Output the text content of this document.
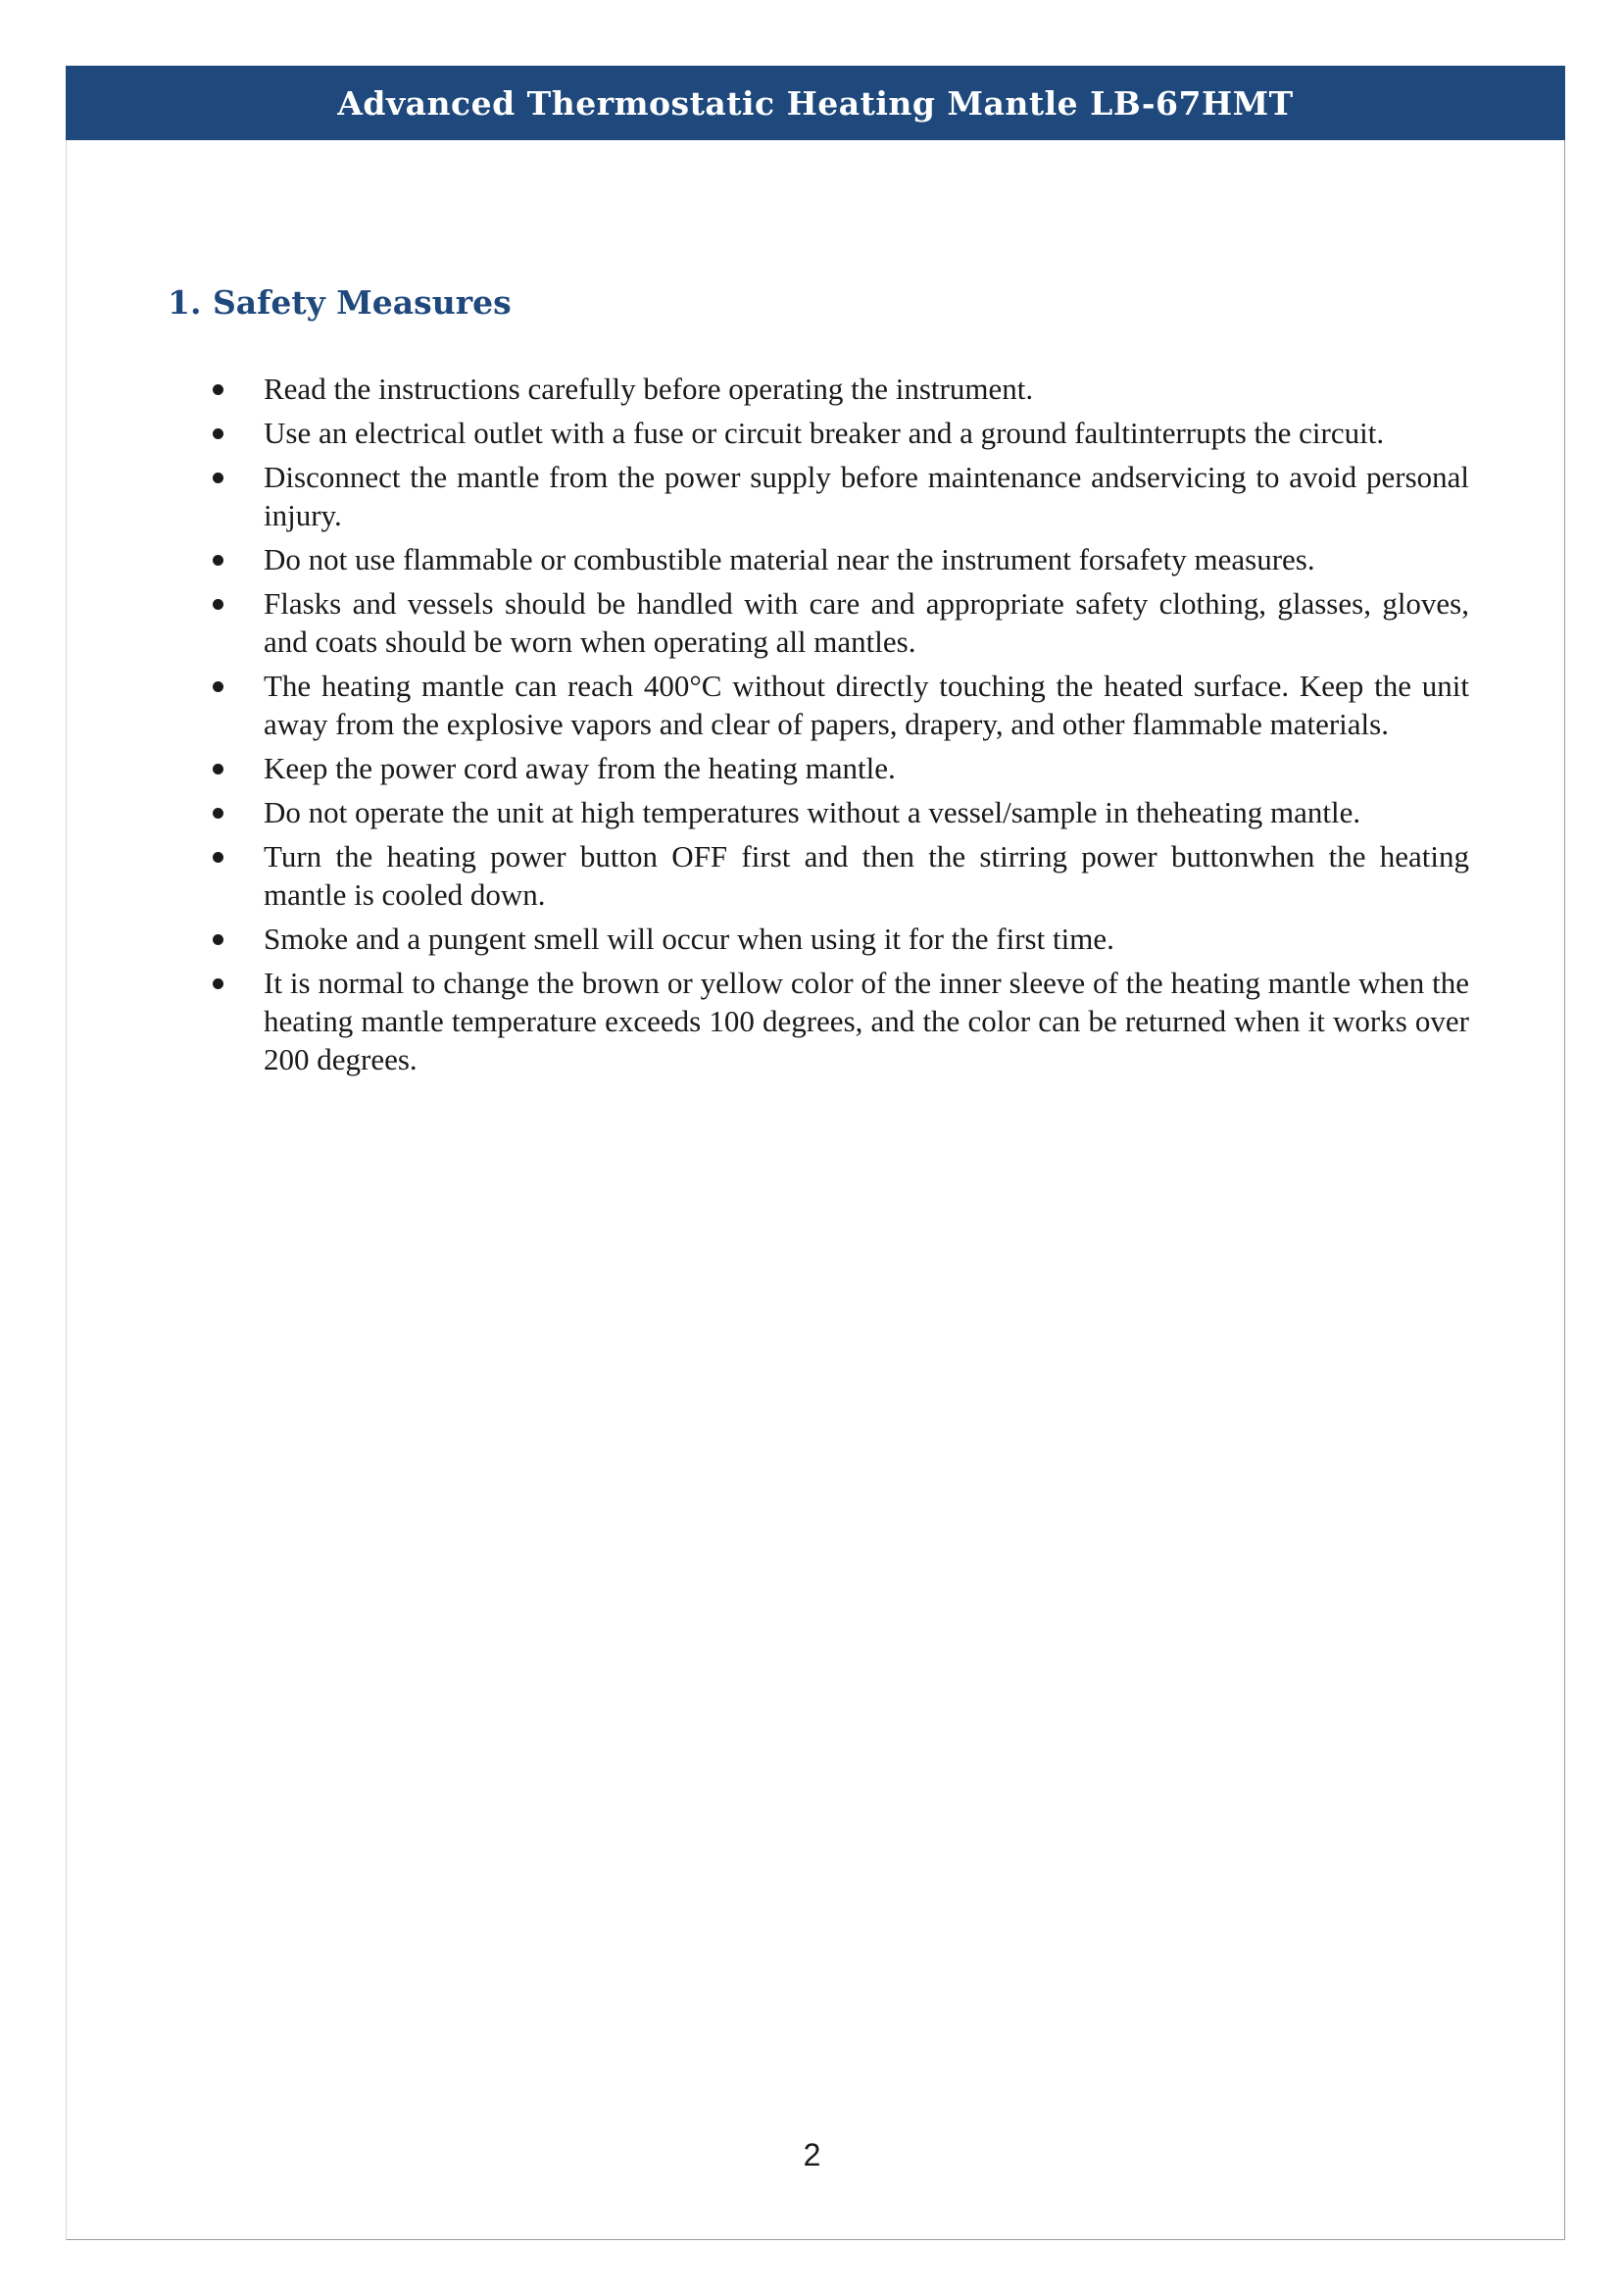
Advanced Thermostatic Heating Mantle LB-67HMT
1. Safety Measures
Read the instructions carefully before operating the instrument.
Use an electrical outlet with a fuse or circuit breaker and a ground faultinterrupts the circuit.
Disconnect the mantle from the power supply before maintenance andservicing to avoid personal injury.
Do not use flammable or combustible material near the instrument forsafety measures.
Flasks and vessels should be handled with care and appropriate safety clothing, glasses, gloves, and coats should be worn when operating all mantles.
The heating mantle can reach 400°C without directly touching the heated surface. Keep the unit away from the explosive vapors and clear of papers, drapery, and other flammable materials.
Keep the power cord away from the heating mantle.
Do not operate the unit at high temperatures without a vessel/sample in theheating mantle.
Turn the heating power button OFF first and then the stirring power buttonwhen the heating mantle is cooled down.
Smoke and a pungent smell will occur when using it for the first time.
It is normal to change the brown or yellow color of the inner sleeve of the heating mantle when the heating mantle temperature exceeds 100 degrees, and the color can be returned when it works over 200 degrees.
2
